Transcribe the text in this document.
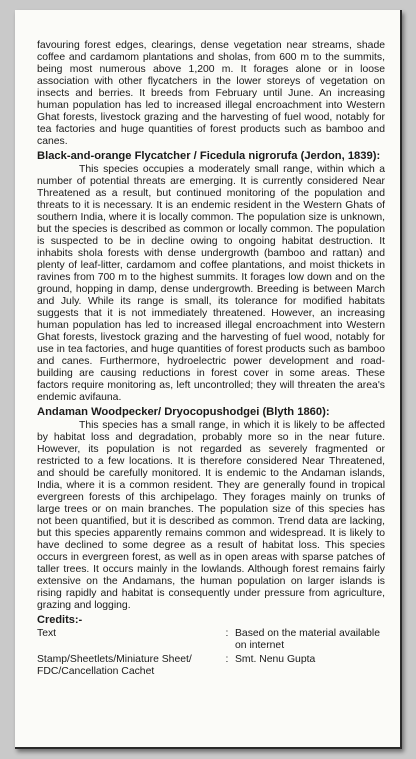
favouring forest edges, clearings, dense vegetation near streams, shade coffee and cardamom plantations and sholas, from 600 m to the summits, being most numerous above 1,200 m. It forages alone or in loose association with other flycatchers in the lower storeys of vegetation on insects and berries. It breeds from February until June. An increasing human population has led to increased illegal encroachment into Western Ghat forests, livestock grazing and the harvesting of fuel wood, notably for tea factories and huge quantities of forest products such as bamboo and canes.

Black-and-orange Flycatcher / Ficedula nigrorufa (Jerdon, 1839):

This species occupies a moderately small range, within which a number of potential threats are emerging. It is currently considered Near Threatened as a result, but continued monitoring of the population and threats to it is necessary. It is an endemic resident in the Western Ghats of southern India, where it is locally common. The population size is unknown, but the species is described as common or locally common. The population is suspected to be in decline owing to ongoing habitat destruction. It inhabits shola forests with dense undergrowth (bamboo and rattan) and plenty of leaf-litter, cardamom and coffee plantations, and moist thickets in ravines from 700 m to the highest summits. It forages low down and on the ground, hopping in damp, dense undergrowth. Breeding is between March and July. While its range is small, its tolerance for modified habitats suggests that it is not immediately threatened. However, an increasing human population has led to increased illegal encroachment into Western Ghat forests, livestock grazing and the harvesting of fuel wood, notably for use in tea factories, and huge quantities of forest products such as bamboo and canes. Furthermore, hydroelectric power development and road-building are causing reductions in forest cover in some areas. These factors require monitoring as, left uncontrolled; they will threaten the area's endemic avifauna.

Andaman Woodpecker/ Dryocopushodgei (Blyth 1860):

This species has a small range, in which it is likely to be affected by habitat loss and degradation, probably more so in the near future. However, its population is not regarded as severely fragmented or restricted to a few locations. It is therefore considered Near Threatened, and should be carefully monitored. It is endemic to the Andaman islands, India, where it is a common resident. They are generally found in tropical evergreen forests of this archipelago. They forages mainly on trunks of large trees or on main branches. The population size of this species has not been quantified, but it is described as common. Trend data are lacking, but this species apparently remains common and widespread. It is likely to have declined to some degree as a result of habitat loss. This species occurs in evergreen forest, as well as in open areas with sparse patches of taller trees. It occurs mainly in the lowlands. Although forest remains fairly extensive on the Andamans, the human population on larger islands is rising rapidly and habitat is consequently under pressure from agriculture, grazing and logging.

Credits:-
Text	: Based on the material available on internet
Stamp/Sheetlets/Miniature Sheet/ FDC/Cancellation Cachet
: Smt. Nenu Gupta
